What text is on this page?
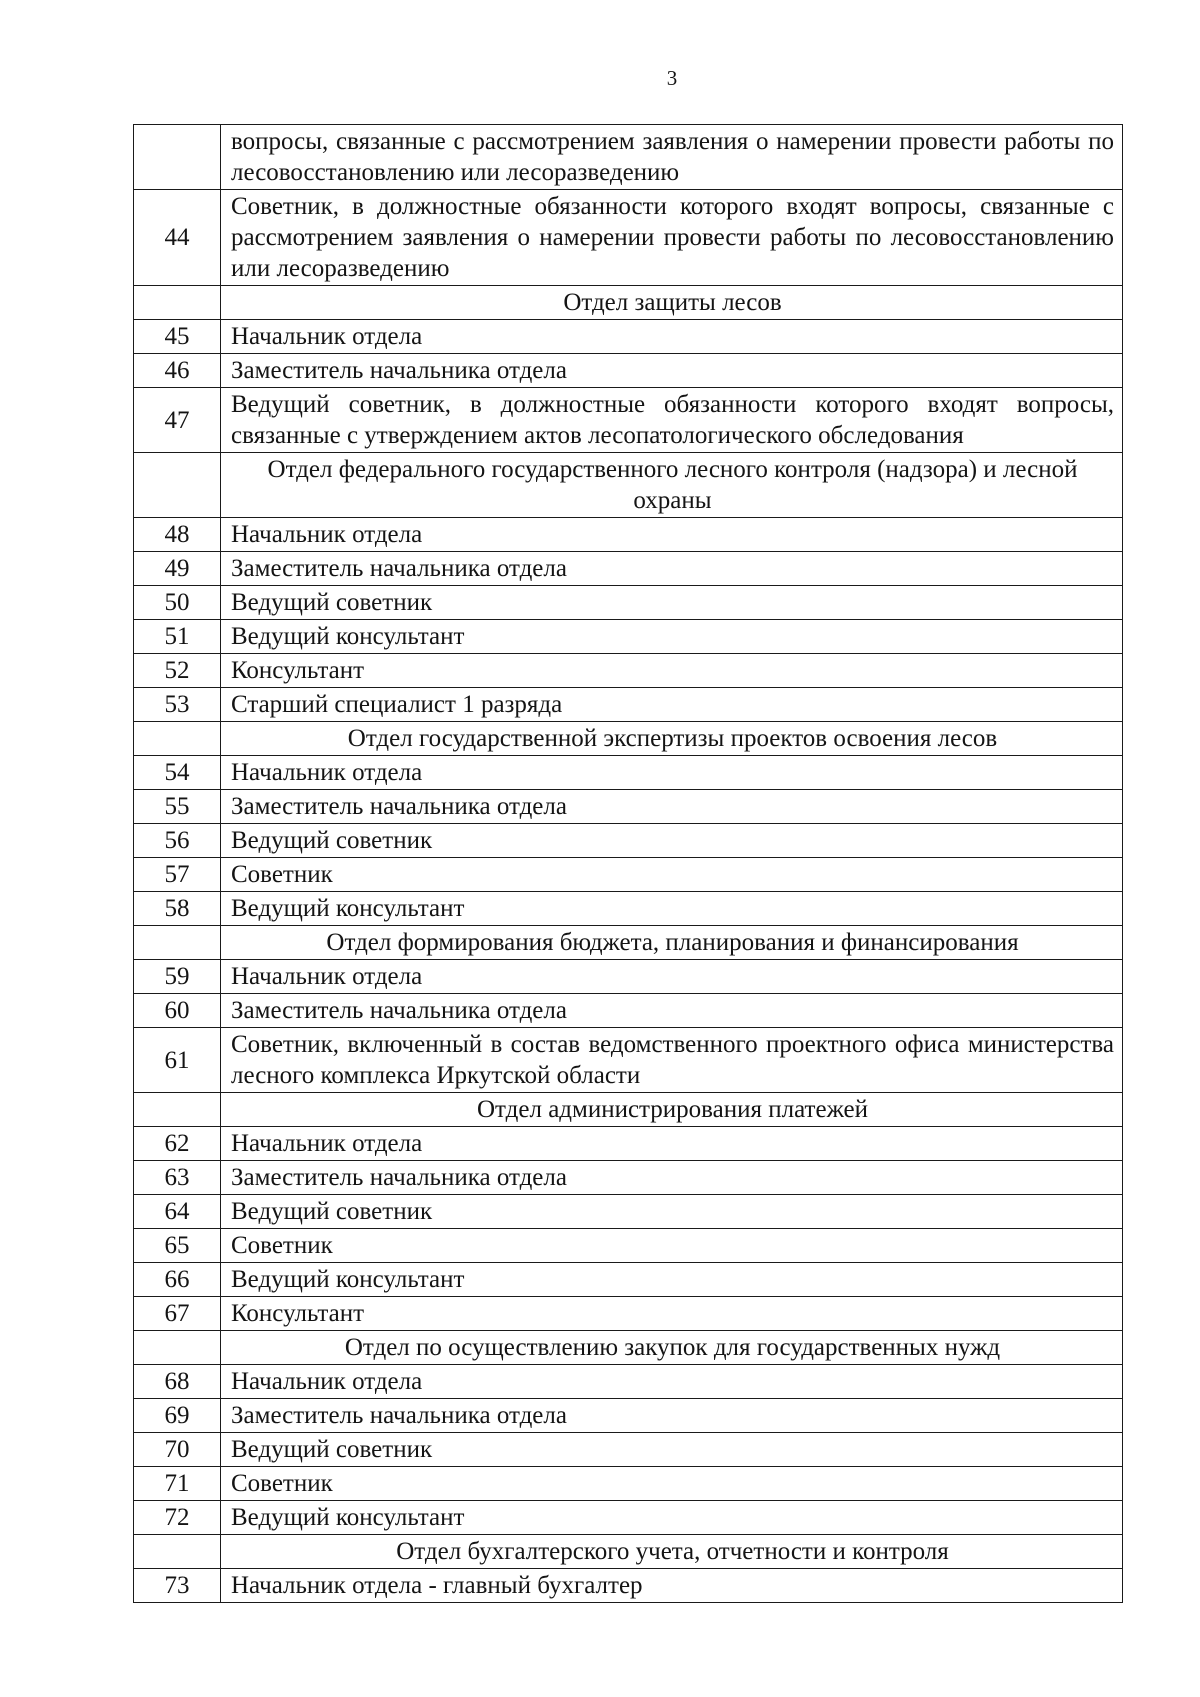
3
	вопросы, связанные с рассмотрением заявления о намерении провести работы по лесовосстановлению или лесоразведению
44	Советник, в должностные обязанности которого входят вопросы, связанные с рассмотрением заявления о намерении провести работы по лесовосстановлению или лесоразведению
	Отдел защиты лесов
45	Начальник отдела
46	Заместитель начальника отдела
47	Ведущий советник, в должностные обязанности которого входят вопросы, связанные с утверждением актов лесопатологического обследования
	Отдел федерального государственного лесного контроля (надзора) и лесной охраны
48	Начальник отдела
49	Заместитель начальника отдела
50	Ведущий советник
51	Ведущий консультант
52	Консультант
53	Старший специалист 1 разряда
	Отдел государственной экспертизы проектов освоения лесов
54	Начальник отдела
55	Заместитель начальника отдела
56	Ведущий советник
57	Советник
58	Ведущий консультант
	Отдел формирования бюджета, планирования и финансирования
59	Начальник отдела
60	Заместитель начальника отдела
61	Советник, включенный в состав ведомственного проектного офиса министерства лесного комплекса Иркутской области
	Отдел администрирования платежей
62	Начальник отдела
63	Заместитель начальника отдела
64	Ведущий советник
65	Советник
66	Ведущий консультант
67	Консультант
	Отдел по осуществлению закупок для государственных нужд
68	Начальник отдела
69	Заместитель начальника отдела
70	Ведущий советник
71	Советник
72	Ведущий консультант
	Отдел бухгалтерского учета, отчетности и контроля
73	Начальник отдела - главный бухгалтер
